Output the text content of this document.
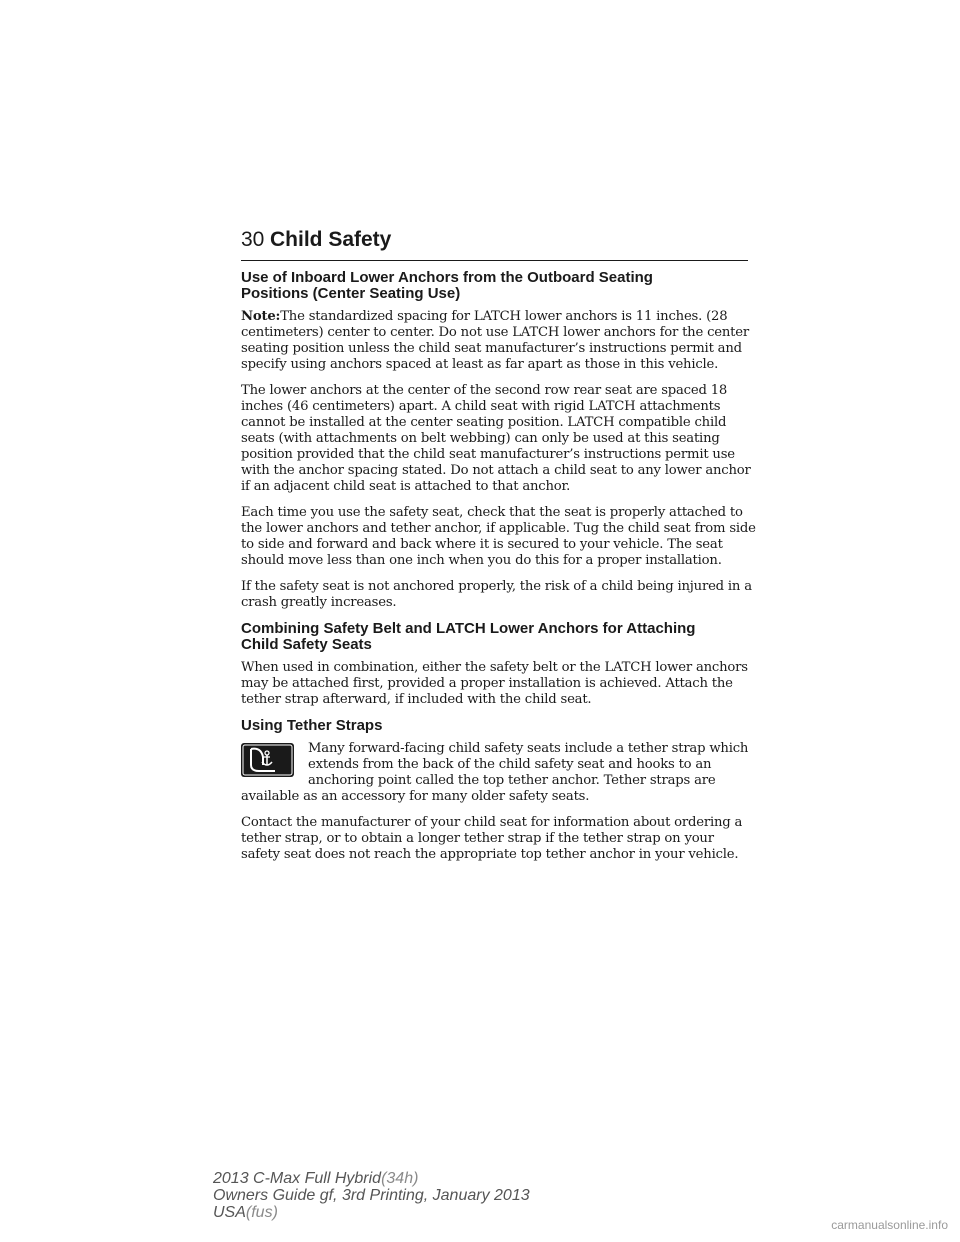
30 Child Safety
Use of Inboard Lower Anchors from the Outboard Seating
Positions (Center Seating Use)

Note:The standardized spacing for LATCH lower anchors is 11 inches. (28 centimeters) center to center. Do not use LATCH lower anchors for the center seating position unless the child seat manufacturer’s instructions permit and specify using anchors spaced at least as far apart as those in this vehicle.

The lower anchors at the center of the second row rear seat are spaced 18 inches (46 centimeters) apart. A child seat with rigid LATCH attachments cannot be installed at the center seating position. LATCH compatible child seats (with attachments on belt webbing) can only be used at this seating position provided that the child seat manufacturer’s instructions permit use with the anchor spacing stated. Do not attach a child seat to any lower anchor if an adjacent child seat is attached to that anchor.

Each time you use the safety seat, check that the seat is properly attached to the lower anchors and tether anchor, if applicable. Tug the child seat from side to side and forward and back where it is secured to your vehicle. The seat should move less than one inch when you do this for a proper installation.

If the safety seat is not anchored properly, the risk of a child being injured in a crash greatly increases.

Combining Safety Belt and LATCH Lower Anchors for Attaching
Child Safety Seats

When used in combination, either the safety belt or the LATCH lower anchors may be attached first, provided a proper installation is achieved. Attach the tether strap afterward, if included with the child seat.

Using Tether Straps

Many forward-facing child safety seats include a tether strap which extends from the back of the child safety seat and hooks to an anchoring point called the top tether anchor. Tether straps are available as an accessory for many older safety seats.

Contact the manufacturer of your child seat for information about ordering a tether strap, or to obtain a longer tether strap if the tether strap on your safety seat does not reach the appropriate top tether anchor in your vehicle.

2013 C-Max Full Hybrid(34h)
Owners Guide gf, 3rd Printing, January 2013
USA(fus)
carmanualsonline.info
